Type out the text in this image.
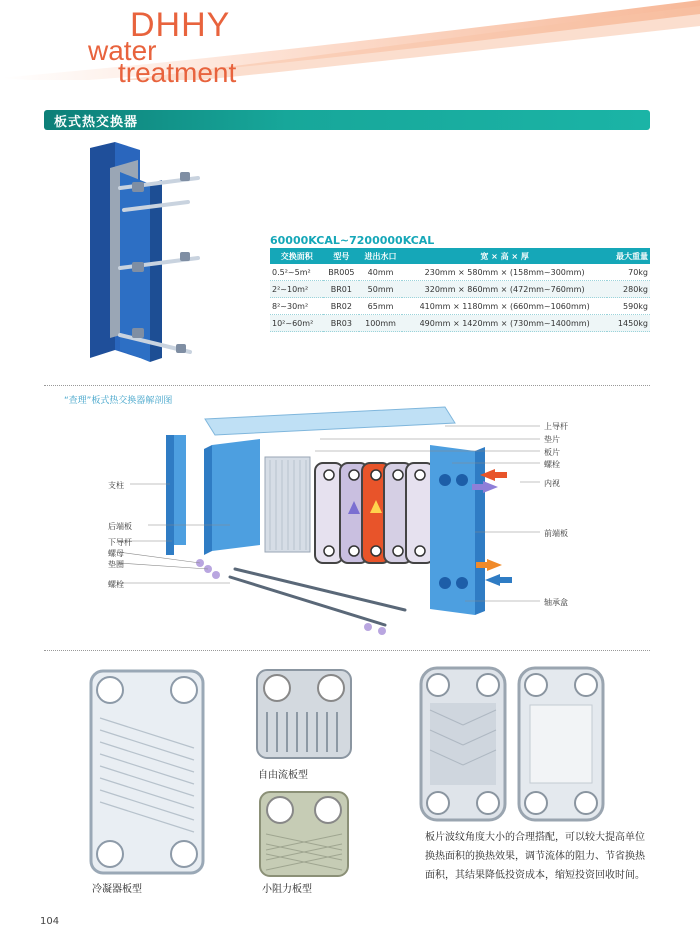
DHHY
water
treatment
板式热交换器
60000KCAL~7200000KCAL
交换面积	型号	进出水口	宽 × 高 × 厚	最大重量
0.5²~5m²	BR005	40mm	230mm × 580mm × (158mm~300mm)	70kg
2²~10m²	BR01	50mm	320mm × 860mm × (472mm~760mm)	280kg
8²~30m²	BR02	65mm	410mm × 1180mm × (660mm~1060mm)	590kg
10²~60m²	BR03	100mm	490mm × 1420mm × (730mm~1400mm)	1450kg
“查理”板式热交换器解剖图
支柱
后端板
下导杆
螺母
垫圈
螺栓
上导杆
垫片
板片
螺栓
内视
前端板
轴承盒
冷凝器板型
自由流板型
小阻力板型
板片波纹角度大小的合理搭配，可以较大提高单位换热面积的换热效果，调节流体的阻力、节省换热面积，其结果降低投资成本，缩短投资回收时间。
104
